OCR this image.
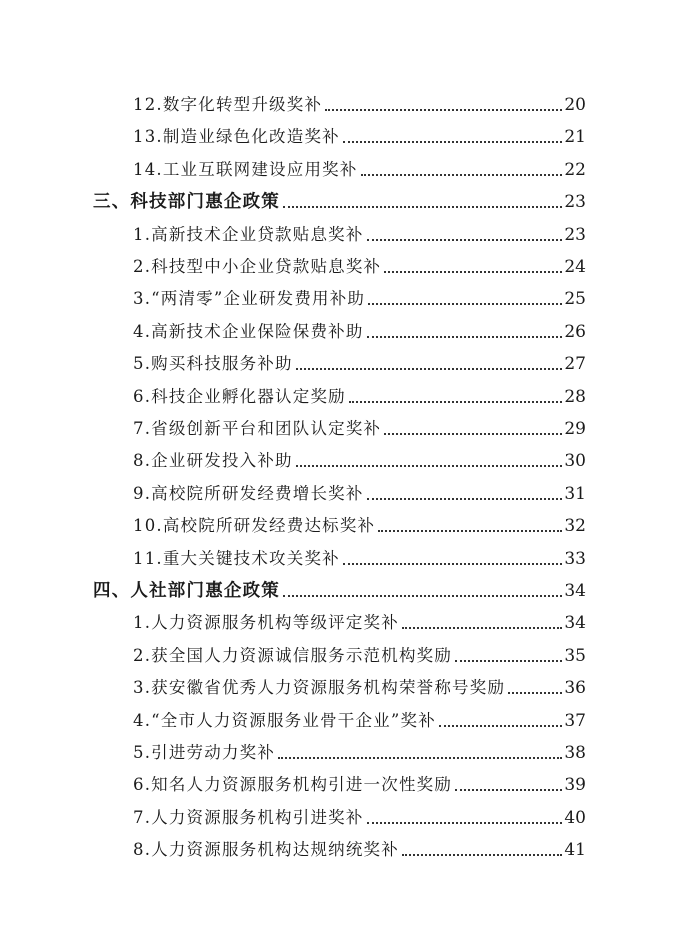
12.数字化转型升级奖补	20
13.制造业绿色化改造奖补	21
14.工业互联网建设应用奖补	22
三、科技部门惠企政策	23
1.高新技术企业贷款贴息奖补	23
2.科技型中小企业贷款贴息奖补	24
3.“两清零”企业研发费用补助	25
4.高新技术企业保险保费补助	26
5.购买科技服务补助	27
6.科技企业孵化器认定奖励	28
7.省级创新平台和团队认定奖补	29
8.企业研发投入补助	30
9.高校院所研发经费增长奖补	31
10.高校院所研发经费达标奖补	32
11.重大关键技术攻关奖补	33
四、人社部门惠企政策	34
1.人力资源服务机构等级评定奖补	34
2.获全国人力资源诚信服务示范机构奖励	35
3.获安徽省优秀人力资源服务机构荣誉称号奖励	36
4.“全市人力资源服务业骨干企业”奖补	37
5.引进劳动力奖补	38
6.知名人力资源服务机构引进一次性奖励	39
7.人力资源服务机构引进奖补	40
8.人力资源服务机构达规纳统奖补	41
